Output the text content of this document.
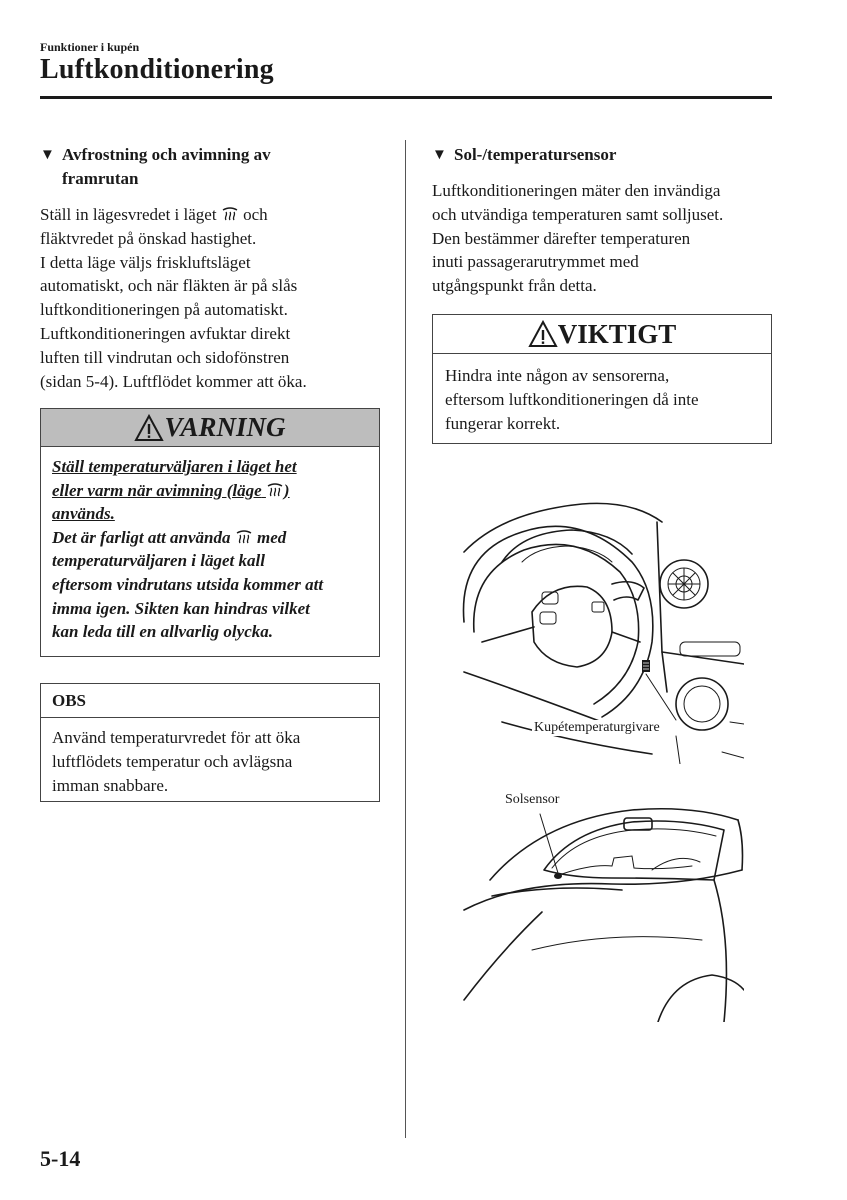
Funktioner i kupén
Luftkonditionering
▼ Avfrostning och avimning av
framrutan
Ställ in lägesvredet i läget och
fläktvredet på önskad hastighet.
I detta läge väljs friskluftsläget
automatiskt, och när fläkten är på slås
luftkonditioneringen på automatiskt.
Luftkonditioneringen avfuktar direkt
luften till vindrutan och sidofönstren
(sidan 5-4). Luftflödet kommer att öka.
VARNING
Ställ temperaturväljaren i läget het
eller varm när avimning (läge )
används.
Det är farligt att använda med
temperaturväljaren i läget kall
eftersom vindrutans utsida kommer att
imma igen. Sikten kan hindras vilket
kan leda till en allvarlig olycka.
OBS
Använd temperaturvredet för att öka
luftflödets temperatur och avlägsna
imman snabbare.
▼ Sol-/temperatursensor
Luftkonditioneringen mäter den invändiga
och utvändiga temperaturen samt solljuset.
Den bestämmer därefter temperaturen
inuti passagerarutrymmet med
utgångspunkt från detta.
VIKTIGT
Hindra inte någon av sensorerna,
eftersom luftkonditioneringen då inte
fungerar korrekt.
Kupétemperaturgivare
Solsensor
5-14
